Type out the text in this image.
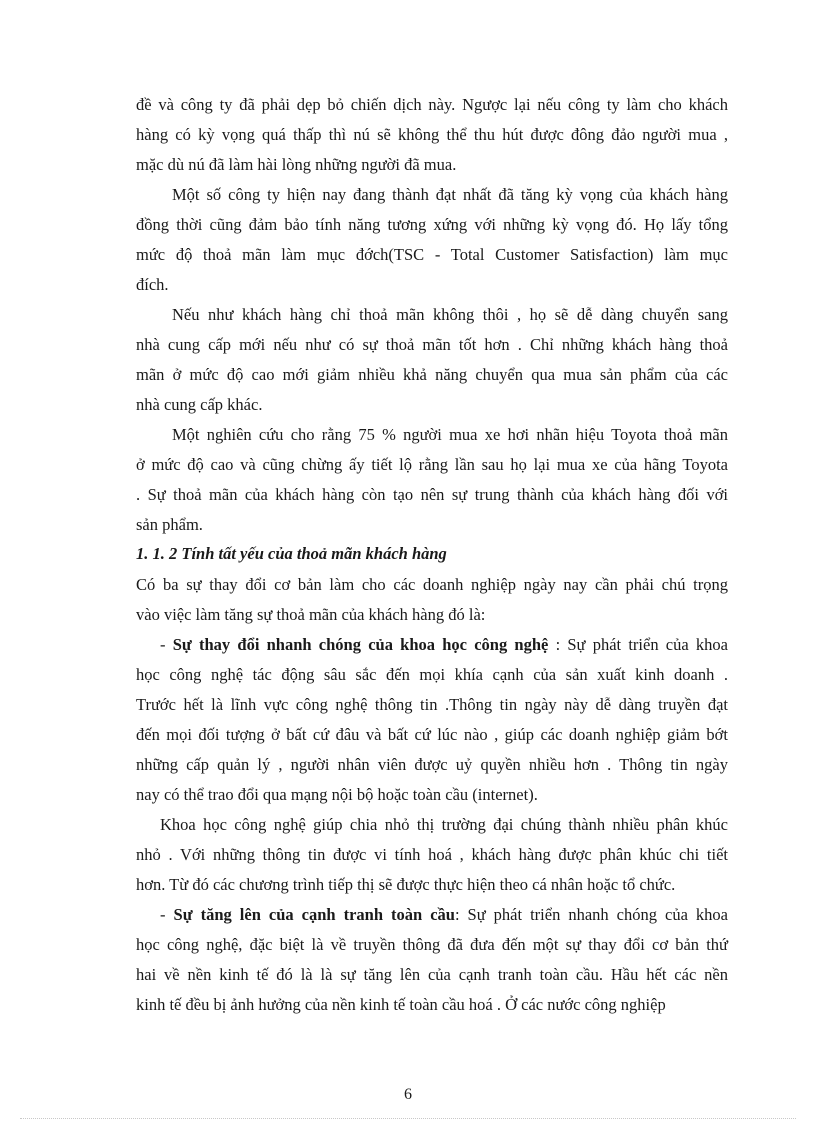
đề và công ty đã phải dẹp bỏ chiến dịch này. Ngược lại nếu công ty làm cho khách
hàng có kỳ vọng quá thấp thì nú sẽ không thể thu hút được đông đảo người mua ,
mặc dù nú đã làm hài lòng những người đã mua.
Một số công ty hiện nay đang thành đạt nhất đã tăng kỳ vọng của khách hàng
đồng thời cũng đảm bảo tính năng tương xứng với những kỳ vọng đó. Họ lấy tổng
mức độ thoả mãn làm mục đớch(TSC - Total Customer Satisfaction) làm mục
đích.
Nếu như khách hàng chỉ thoả mãn không thôi , họ sẽ dễ dàng chuyển sang
nhà cung cấp mới nếu như có sự thoả mãn tốt hơn . Chỉ những khách hàng thoả
mãn ở mức độ cao mới giảm nhiều khả năng chuyển qua mua sản phẩm của các
nhà cung cấp khác.
Một nghiên cứu cho rằng 75 % người mua xe hơi nhãn hiệu Toyota thoả mãn
ở mức độ cao và cũng chừng ấy tiết lộ rằng lần sau họ lại mua xe của hãng Toyota
. Sự thoả mãn của khách hàng còn tạo nên sự trung thành của khách hàng đối với
sản phẩm.
1. 1. 2 Tính tất yếu của thoả mãn khách hàng
Có ba sự thay đổi cơ bản làm cho các doanh nghiệp ngày nay cần phải chú trọng
vào việc làm tăng sự thoả mãn của khách hàng đó là:
- Sự thay đổi nhanh chóng của khoa học công nghệ : Sự phát triển của khoa
học công nghệ tác động sâu sắc đến mọi khía cạnh của sản xuất kinh doanh .
Trước hết là lĩnh vực công nghệ thông tin .Thông tin ngày này dễ dàng truyền đạt
đến mọi đối tượng ở bất cứ đâu và bất cứ lúc nào , giúp các doanh nghiệp giảm bớt
những cấp quản lý , người nhân viên được uỷ quyền nhiều hơn . Thông tin ngày
nay có thể trao đổi qua mạng nội bộ hoặc toàn cầu (internet).
Khoa học công nghệ giúp chia nhỏ thị trường đại chúng thành nhiều phân khúc
nhỏ . Với những thông tin được vi tính hoá , khách hàng được phân khúc chi tiết
hơn. Từ đó các chương trình tiếp thị sẽ được thực hiện theo cá nhân hoặc tổ chức.
- Sự tăng lên của cạnh tranh toàn cầu: Sự phát triển nhanh chóng của khoa
học công nghệ, đặc biệt là về truyền thông đã đưa đến một sự thay đổi cơ bản thứ
hai về nền kinh tế đó là là sự tăng lên của cạnh tranh toàn cầu. Hầu hết các nền
kinh tế đều bị ảnh hưởng của nền kinh tế toàn cầu hoá . Ở các nước công nghiệp
6
